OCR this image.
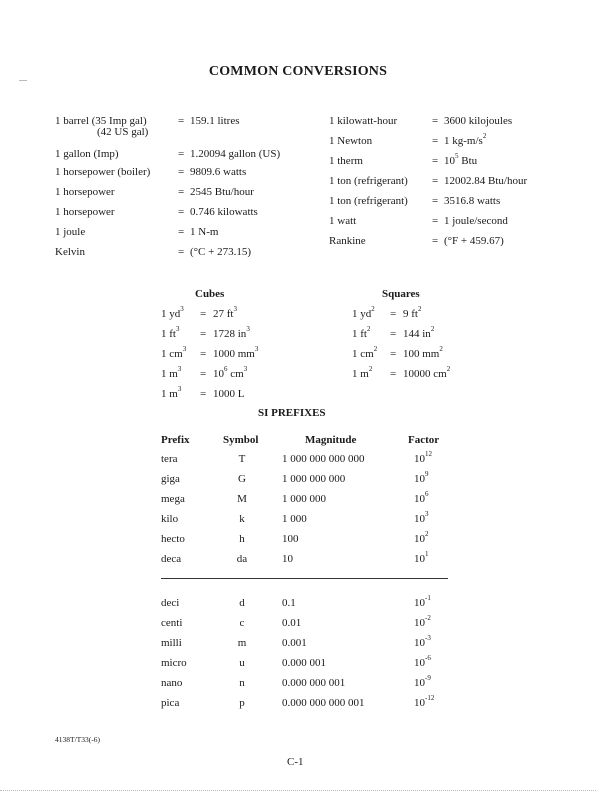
COMMON CONVERSIONS
1 barrel (35 Imp gal)
(42 US gal)
= 159.1 litres
1 gallon (Imp)	= 1.20094 gallon (US)
1 horsepower (boiler)	= 9809.6 watts
1 horsepower	= 2545 Btu/hour
1 horsepower	= 0.746 kilowatts
1 joule	= 1 N-m
Kelvin	= (°C + 273.15)
1 kilowatt-hour	= 3600 kilojoules
1 Newton	= 1 $kg-m/s^2$
1 therm	= $10^5$ Btu
1 ton (refrigerant) = 12002.84 Btu/hour
1 ton (refrigerant) = 3516.8 watts
1 watt	= 1 joule/second
Rankine	= (°F + 459.67)
Cubes
1 $yd^3 = 27$ $ft^3$
1 $ft^3 = 1728$ $in^3$
1 $cm^3 = 1000$ $mm^3$
1 $m^3 = 10^6$ $cm^3$
1 $m^3 = 1000$ L
Squares
1 $yd^2 = 9$ $ft^2$
1 $ft^2 = 144$ $in^2$
1 $cm^2 = 100$ $mm^2$
1 $m^2 = 10000$ $cm^2$
SI PREFIXES
Prefix	Symbol	Magnitude	Factor
tera	T	1 000 000 000 000	$10^{12}$
giga	G	1 000 000 000	$10^9$
mega	M	1 000 000	$10^6$
kilo	k	1 000	$10^3$
hecto	h	100	$10^2$
deca	da	10	$10^1$
deci	d	0.1	$10^{-1}$
centi	c	0.01	$10^{-2}$
milli	m	0.001	$10^{-3}$
micro	u	0.000 001	$10^{-6}$
nano	n	0.000 000 001	$10^{-9}$
pica	p	0.000 000 000 001	$10^{-12}$
4138T/T33(-6)
C-1
